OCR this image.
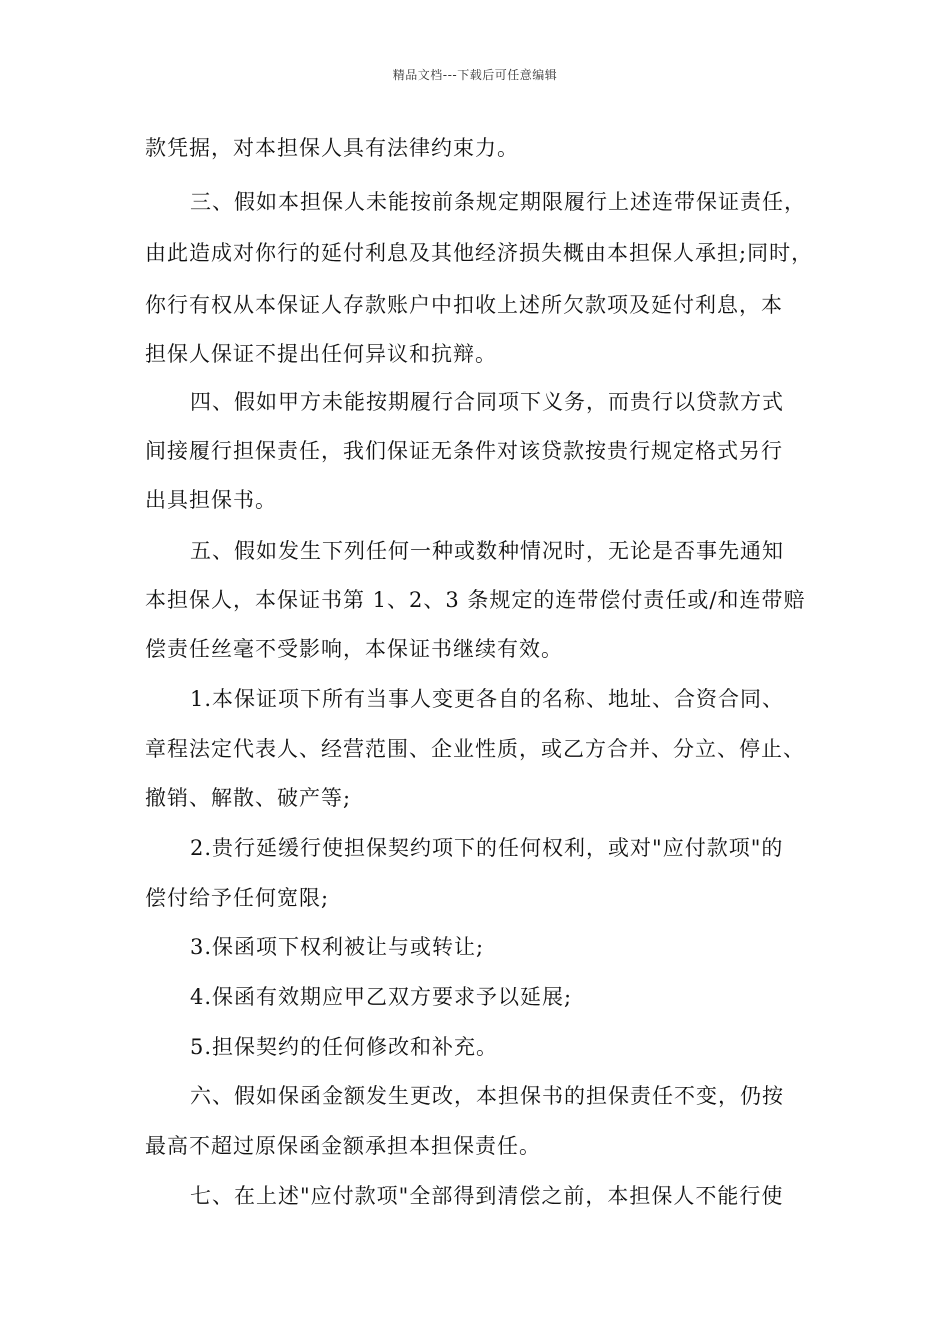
精品文档---下载后可任意编辑
款凭据，对本担保人具有法律约束力。
三、假如本担保人未能按前条规定期限履行上述连带保证责任，
由此造成对你行的延付利息及其他经济损失概由本担保人承担;同时，
你行有权从本保证人存款账户中扣收上述所欠款项及延付利息，本
担保人保证不提出任何异议和抗辩。
四、假如甲方未能按期履行合同项下义务，而贵行以贷款方式
间接履行担保责任，我们保证无条件对该贷款按贵行规定格式另行
出具担保书。
五、假如发生下列任何一种或数种情况时，无论是否事先通知
本担保人，本保证书第 1、2、3 条规定的连带偿付责任或/和连带赔
偿责任丝毫不受影响，本保证书继续有效。
1.本保证项下所有当事人变更各自的名称、地址、合资合同、
章程法定代表人、经营范围、企业性质，或乙方合并、分立、停止、
撤销、解散、破产等;
2.贵行延缓行使担保契约项下的任何权利，或对"应付款项"的
偿付给予任何宽限;
3.保函项下权利被让与或转让;
4.保函有效期应甲乙双方要求予以延展;
5.担保契约的任何修改和补充。
六、假如保函金额发生更改，本担保书的担保责任不变，仍按
最高不超过原保函金额承担本担保责任。
七、在上述"应付款项"全部得到清偿之前，本担保人不能行使
